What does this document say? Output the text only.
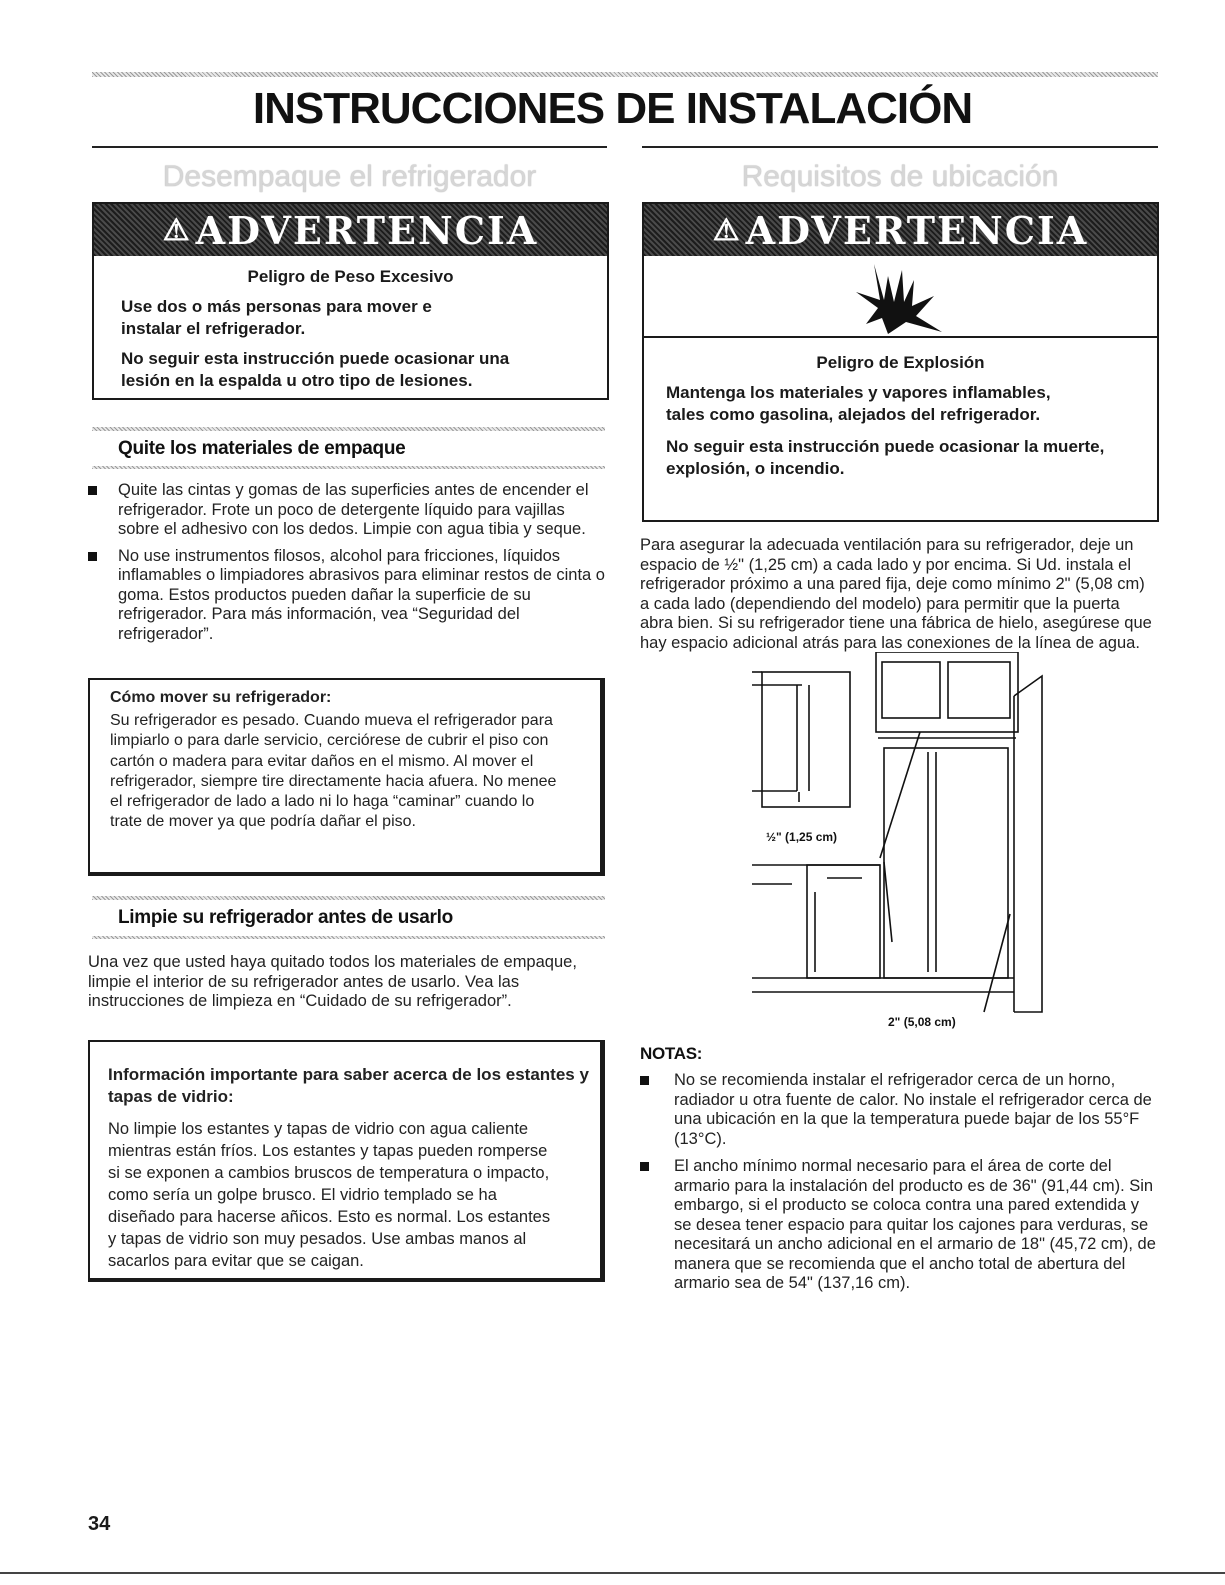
INSTRUCCIONES DE INSTALACIÓN
Desempaque el refrigerador
⚠ ADVERTENCIA
Peligro de Peso Excesivo
Use dos o más personas para mover e instalar el refrigerador.
No seguir esta instrucción puede ocasionar una lesión en la espalda u otro tipo de lesiones.
Quite los materiales de empaque
Quite las cintas y gomas de las superficies antes de encender el refrigerador. Frote un poco de detergente líquido para vajillas sobre el adhesivo con los dedos. Limpie con agua tibia y seque.
No use instrumentos filosos, alcohol para fricciones, líquidos inflamables o limpiadores abrasivos para eliminar restos de cinta o goma. Estos productos pueden dañar la superficie de su refrigerador. Para más información, vea “Seguridad del refrigerador”.
Cómo mover su refrigerador:
Su refrigerador es pesado. Cuando mueva el refrigerador para limpiarlo o para darle servicio, cerciórese de cubrir el piso con cartón o madera para evitar daños en el mismo. Al mover el refrigerador, siempre tire directamente hacia afuera. No menee el refrigerador de lado a lado ni lo haga “caminar” cuando lo trate de mover ya que podría dañar el piso.
Limpie su refrigerador antes de usarlo
Una vez que usted haya quitado todos los materiales de empaque, limpie el interior de su refrigerador antes de usarlo. Vea las instrucciones de limpieza en “Cuidado de su refrigerador”.
Información importante para saber acerca de los estantes y tapas de vidrio:
No limpie los estantes y tapas de vidrio con agua caliente mientras están fríos. Los estantes y tapas pueden romperse si se exponen a cambios bruscos de temperatura o impacto, como sería un golpe brusco. El vidrio templado se ha diseñado para hacerse añicos. Esto es normal. Los estantes y tapas de vidrio son muy pesados. Use ambas manos al sacarlos para evitar que se caigan.
Requisitos de ubicación
⚠ ADVERTENCIA
Peligro de Explosión
Mantenga los materiales y vapores inflamables, tales como gasolina, alejados del refrigerador.
No seguir esta instrucción puede ocasionar la muerte, explosión, o incendio.
Para asegurar la adecuada ventilación para su refrigerador, deje un espacio de ½" (1,25 cm) a cada lado y por encima. Si Ud. instala el refrigerador próximo a una pared fija, deje como mínimo 2" (5,08 cm) a cada lado (dependiendo del modelo) para permitir que la puerta abra bien. Si su refrigerador tiene una fábrica de hielo, asegúrese que hay espacio adicional atrás para las conexiones de la línea de agua.
½" (1,25 cm)
2" (5,08 cm)
NOTAS:
No se recomienda instalar el refrigerador cerca de un horno, radiador u otra fuente de calor. No instale el refrigerador cerca de una ubicación en la que la temperatura puede bajar de los 55°F (13°C).
El ancho mínimo normal necesario para el área de corte del armario para la instalación del producto es de 36" (91,44 cm). Sin embargo, si el producto se coloca contra una pared extendida y se desea tener espacio para quitar los cajones para verduras, se necesitará un ancho adicional en el armario de 18" (45,72 cm), de manera que se recomienda que el ancho total de abertura del armario sea de 54" (137,16 cm).
34
